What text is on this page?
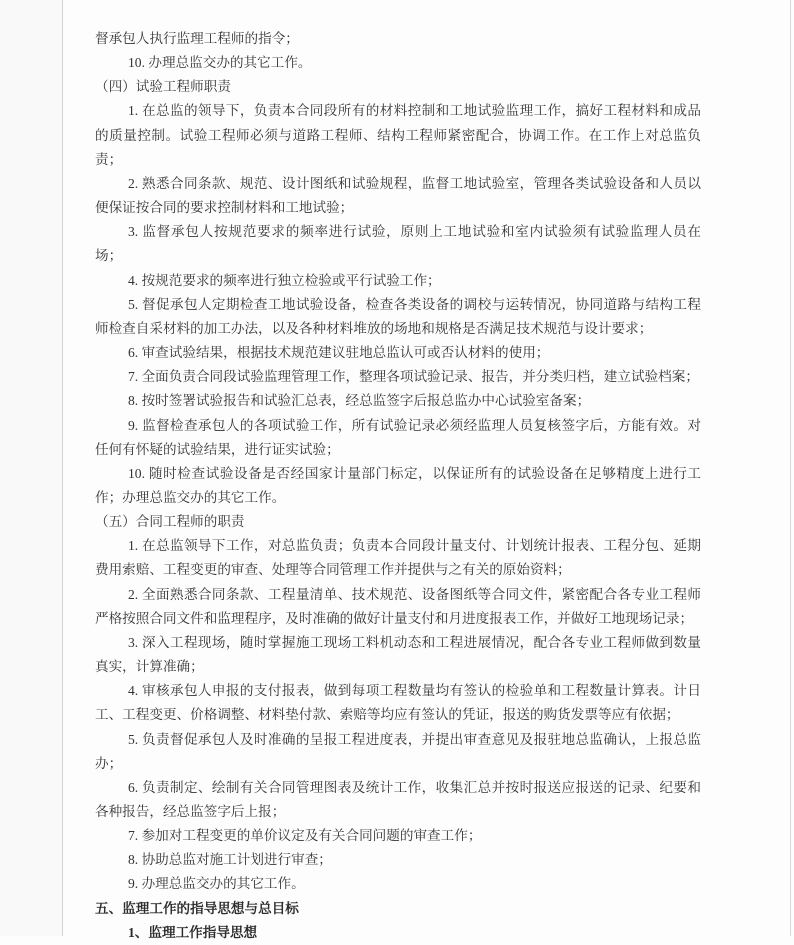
督承包人执行监理工程师的指令；
10. 办理总监交办的其它工作。
（四）试验工程师职责
1. 在总监的领导下，负责本合同段所有的材料控制和工地试验监理工作，搞好工程材料和成品
的质量控制。试验工程师必须与道路工程师、结构工程师紧密配合，协调工作。在工作上对总监负
责；
2. 熟悉合同条款、规范、设计图纸和试验规程，监督工地试验室，管理各类试验设备和人员以
便保证按合同的要求控制材料和工地试验；
3. 监督承包人按规范要求的频率进行试验，原则上工地试验和室内试验须有试验监理人员在
场；
4. 按规范要求的频率进行独立检验或平行试验工作；
5. 督促承包人定期检查工地试验设备，检查各类设备的调校与运转情况，协同道路与结构工程
师检查自采材料的加工办法，以及各种材料堆放的场地和规格是否满足技术规范与设计要求；
6. 审查试验结果，根据技术规范建议驻地总监认可或否认材料的使用；
7. 全面负责合同段试验监理管理工作，整理各项试验记录、报告，并分类归档，建立试验档案；
8. 按时签署试验报告和试验汇总表，经总监签字后报总监办中心试验室备案；
9. 监督检查承包人的各项试验工作，所有试验记录必须经监理人员复核签字后，方能有效。对
任何有怀疑的试验结果，进行证实试验；
10. 随时检查试验设备是否经国家计量部门标定，以保证所有的试验设备在足够精度上进行工
作；办理总监交办的其它工作。
（五）合同工程师的职责
1. 在总监领导下工作，对总监负责；负责本合同段计量支付、计划统计报表、工程分包、延期
费用索赔、工程变更的审查、处理等合同管理工作并提供与之有关的原始资料；
2. 全面熟悉合同条款、工程量清单、技术规范、设备图纸等合同文件，紧密配合各专业工程师
严格按照合同文件和监理程序，及时准确的做好计量支付和月进度报表工作，并做好工地现场记录；
3. 深入工程现场，随时掌握施工现场工料机动态和工程进展情况，配合各专业工程师做到数量
真实，计算准确；
4. 审核承包人申报的支付报表，做到每项工程数量均有签认的检验单和工程数量计算表。计日
工、工程变更、价格调整、材料垫付款、索赔等均应有签认的凭证，报送的购货发票等应有依据；
5. 负责督促承包人及时准确的呈报工程进度表，并提出审查意见及报驻地总监确认，上报总监
办；
6. 负责制定、绘制有关合同管理图表及统计工作，收集汇总并按时报送应报送的记录、纪要和
各种报告，经总监签字后上报；
7. 参加对工程变更的单价议定及有关合同问题的审查工作；
8. 协助总监对施工计划进行审查；
9. 办理总监交办的其它工作。
五、监理工作的指导思想与总目标
1、监理工作指导思想
